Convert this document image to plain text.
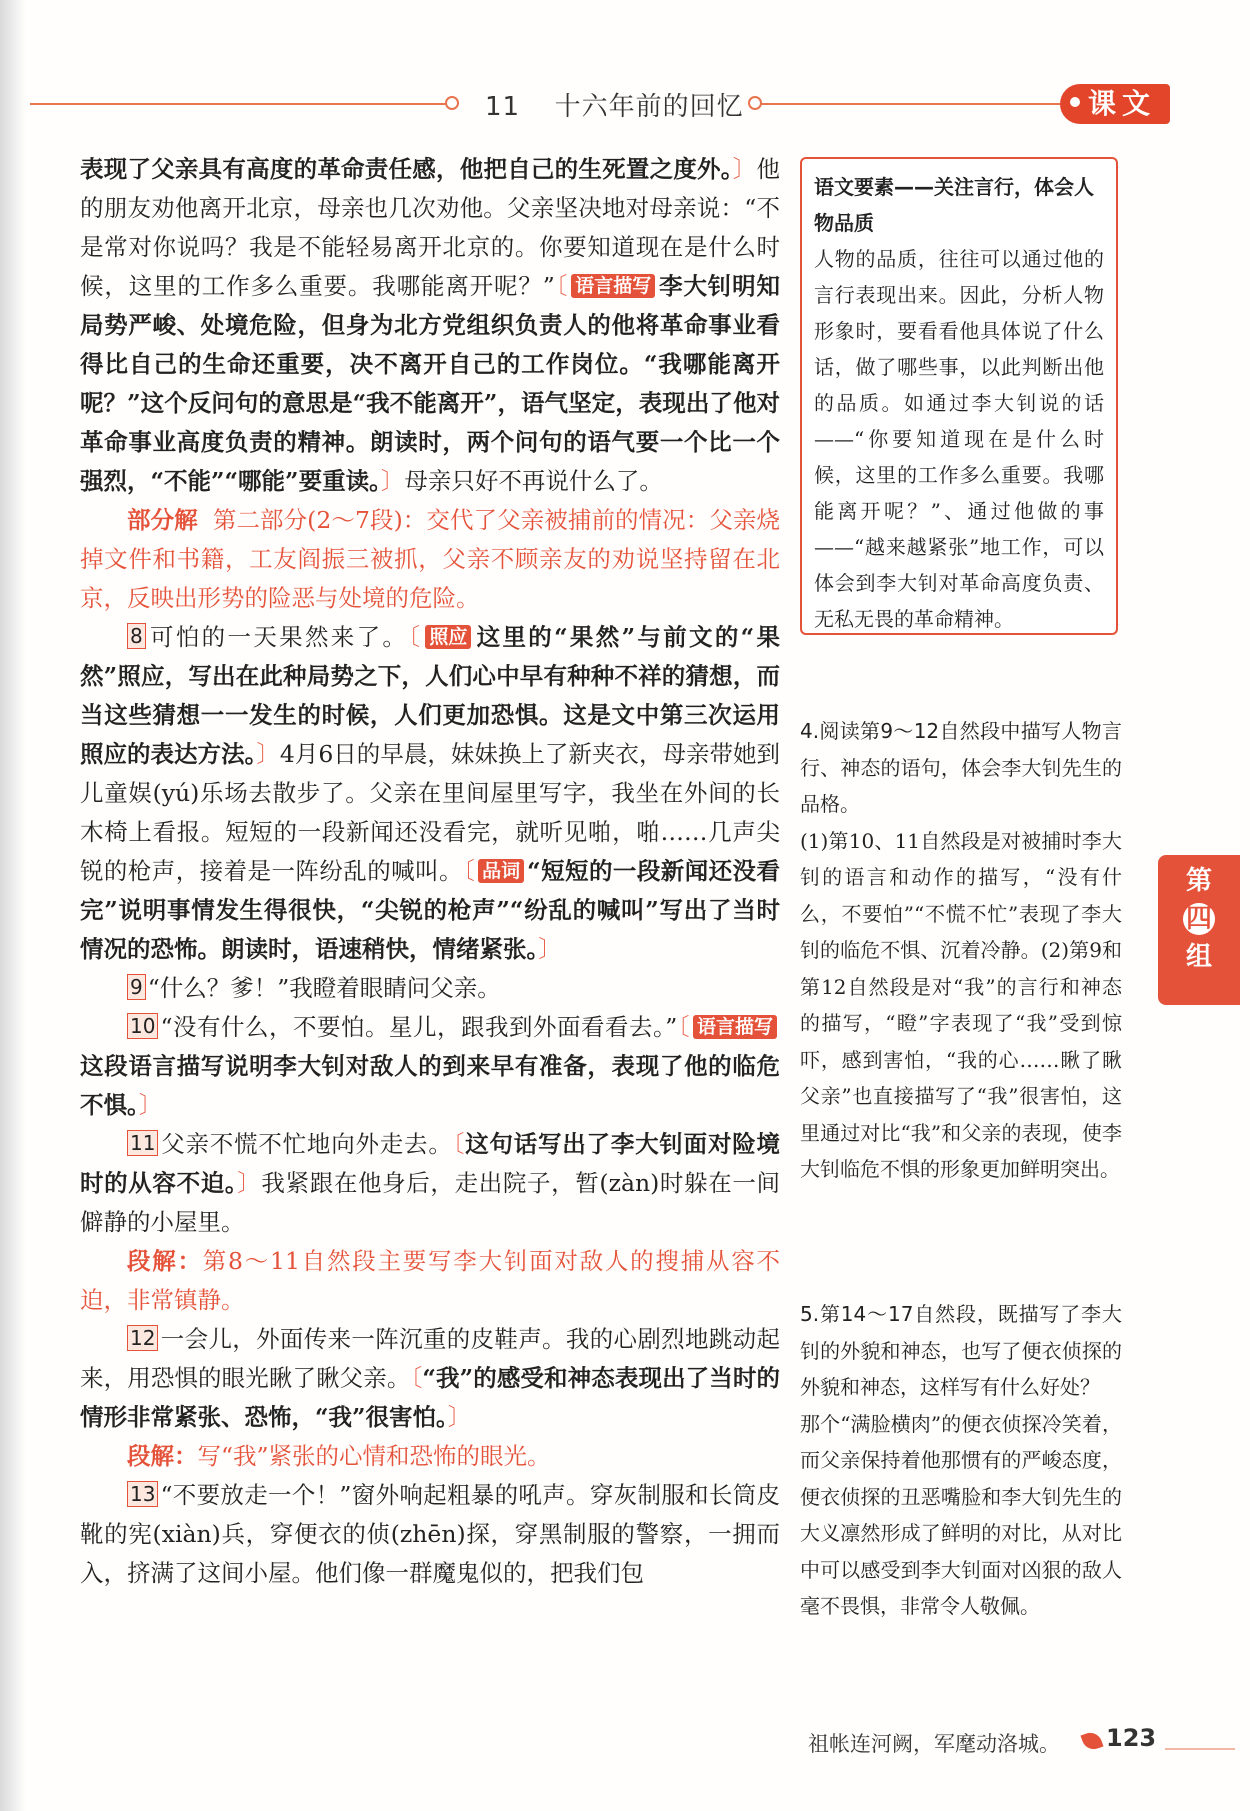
11 十六年前的回忆	课文

表现了父亲具有高度的革命责任感，他把自己的生死置之度外。〕他的朋友劝他离开北京，母亲也几次劝他。父亲坚决地对母亲说：“不是常对你说吗？我是不能轻易离开北京的。你要知道现在是什么时候，这里的工作多么重要。我哪能离开呢？”〔 语言描写 李大钊明知局势严峻、处境危险，但身为北方党组织负责人的他将革命事业看得比自己的生命还重要，决不离开自己的工作岗位。“我哪能离开呢？”这个反问句的意思是“我不能离开”，语气坚定，表现出了他对革命事业高度负责的精神。朗读时，两个问句的语气要一个比一个强烈，“不能”“哪能”要重读。〕母亲只好不再说什么了。

部分解 第二部分(2～7段)：交代了父亲被捕前的情况：父亲烧掉文件和书籍，工友阎振三被抓，父亲不顾亲友的劝说坚持留在北京，反映出形势的险恶与处境的危险。

8 可怕的一天果然来了。〔 照应 这里的“果然”与前文的“果然”照应，写出在此种局势之下，人们心中早有种种不祥的猜想，而当这些猜想一一发生的时候，人们更加恐惧。这是文中第三次运用照应的表达方法。〕4月6日的早晨，妹妹换上了新夹衣，母亲带她到儿童娱(yú)乐场去散步了。父亲在里间屋里写字，我坐在外间的长木椅上看报。短短的一段新闻还没看完，就听见啪，啪……几声尖锐的枪声，接着是一阵纷乱的喊叫。〔 品词 “短短的一段新闻还没看完”说明事情发生得很快，“尖锐的枪声”“纷乱的喊叫”写出了当时情况的恐怖。朗读时，语速稍快，情绪紧张。〕

9 “什么？爹！”我瞪着眼睛问父亲。

10 “没有什么，不要怕。星儿，跟我到外面看看去。”〔 语言描写这段语言描写说明李大钊对敌人的到来早有准备，表现了他的临危不惧。〕

11 父亲不慌不忙地向外走去。〔这句话写出了李大钊面对险境时的从容不迫。〕我紧跟在他身后，走出院子，暂(zàn)时躲在一间僻静的小屋里。

段解：第8～11自然段主要写李大钊面对敌人的搜捕从容不迫，非常镇静。

12 一会儿，外面传来一阵沉重的皮鞋声。我的心剧烈地跳动起来，用恐惧的眼光瞅了瞅父亲。〔“我”的感受和神态表现出了当时的情形非常紧张、恐怖，“我”很害怕。〕

段解：写“我”紧张的心情和恐怖的眼光。

13 “不要放走一个！”窗外响起粗暴的吼声。穿灰制服和长筒皮靴的宪(xiàn)兵，穿便衣的侦(zhēn)探，穿黑制服的警察，一拥而入，挤满了这间小屋。他们像一群魔鬼似的，把我们包

语文要素——关注言行，体会人物品质

人物的品质，往往可以通过他的言行表现出来。因此，分析人物形象时，要看看他具体说了什么话，做了哪些事，以此判断出他的品质。如通过李大钊说的话——“你要知道现在是什么时候，这里的工作多么重要。我哪能离开呢？”、通过他做的事——“越来越紧张”地工作，可以体会到李大钊对革命高度负责、无私无畏的革命精神。

4.阅读第9～12自然段中描写人物言行、神态的语句，体会李大钊先生的品格。
(1)第10、11自然段是对被捕时李大钊的语言和动作的描写，“没有什么，不要怕”“不慌不忙”表现了李大钊的临危不惧、沉着冷静。(2)第9和第12自然段是对“我”的言行和神态的描写，“瞪”字表现了“我”受到惊吓，感到害怕，“我的心……瞅了瞅父亲”也直接描写了“我”很害怕，这里通过对比“我”和父亲的表现，使李大钊临危不惧的形象更加鲜明突出。
5.第14～17自然段，既描写了李大钊的外貌和神态，也写了便衣侦探的外貌和神态，这样写有什么好处？
那个“满脸横肉”的便衣侦探冷笑着，而父亲保持着他那惯有的严峻态度，便衣侦探的丑恶嘴脸和李大钊先生的大义凛然形成了鲜明的对比，从对比中可以感受到李大钊面对凶狠的敌人毫不畏惧，非常令人敬佩。
第
四
组
祖帐连河阙，军麾动洛城。 123
